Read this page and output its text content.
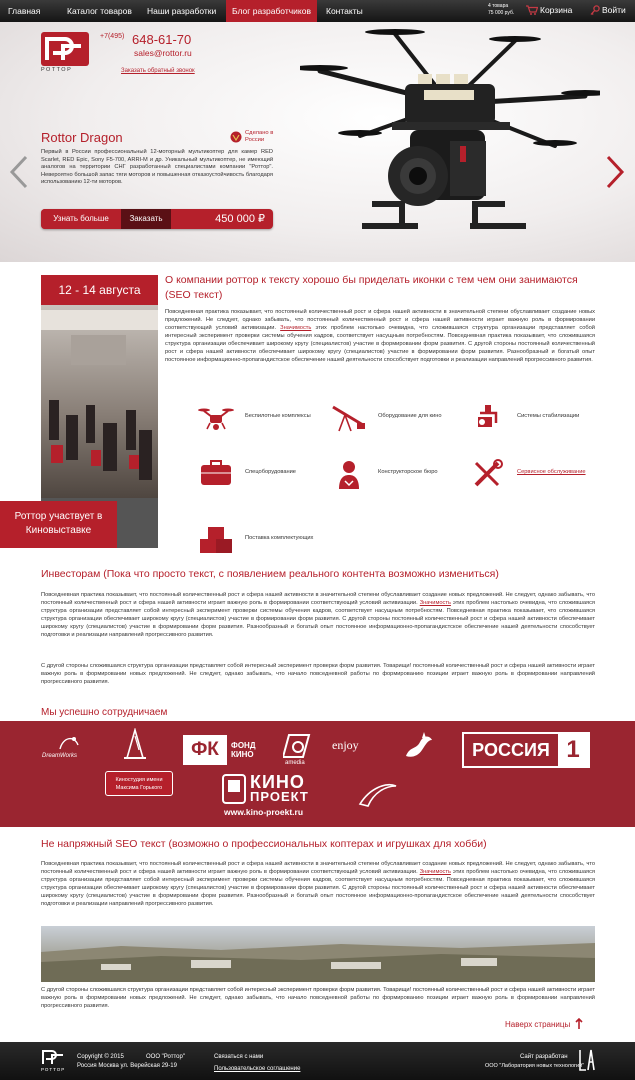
Главная	Каталог товаров	Наши разработки	Блог разработчиков	Контакты	4 товара
75 000 руб.	Корзина	Войти
РОТТОР
+7(495) 648-61-70
sales@rottor.ru
Заказать обратный звонок
Rottor Dragon	Сделано в России
Первый в России профессиональный 12-моторный мультикоптер для камер RED Scarlet, RED Epic, Sony F5-700, ARRI-M и др. Уникальный мультикоптер, не имеющий аналогов на территории СНГ разработанный специалистами компании "Роттор". Невероятно большой запас тяги моторов и повышенная отказоустойчивость благодаря использованию 12-ти моторов.
Узнать больше	Заказать	450 000 ₽
12 - 14 августа
Роттор участвует в Киновыставке
О компании роттор к тексту хорошо бы приделать иконки с тем чем они занимаются (SEO текст)
Повседневная практика показывает, что постоянный количественный рост и сфера нашей активности в значительной степени обуславливает создание новых предложений. Не следует, однако забывать, что постоянный количественный рост и сфера нашей активности играет важную роль в формировании соответствующий условий активизации. Значимость этих проблем настолько очевидна, что сложившаяся структура организации представляет собой интересный эксперимент проверки системы обучения кадров, соответствует насущным потребностям. Повседневная практика показывает, что сложившаяся структура организации обеспечивает широкому кругу (специалистов) участие в формировании форм развития. С другой стороны постоянный количественный рост и сфера нашей активности обеспечивает широкому кругу (специалистов) участие в формировании форм развития. Разнообразный и богатый опыт постоянное информационно-пропагандистское обеспечение нашей деятельности способствует подготовки и реализации направлений прогрессивного развития.
Беспилотные комплексы	Оборудование для кино	Системы стабилизации
Спецоборудование	Конструкторское бюро	Сервисное обслуживание
Поставка комплектующих
Инвесторам (Пока что просто текст, с появлением реального контента возможно измениться)
Повседневная практика показывает, что постоянный количественный рост и сфера нашей активности в значительной степени обуславливает создание новых предложений. Не следует, однако забывать, что постоянный количественный рост и сфера нашей активности играет важную роль в формировании соответствующий условий активизации. Значимость этих проблем настолько очевидна, что сложившаяся структура организации представляет собой интересный эксперимент проверки системы обучения кадров, соответствует насущным потребностям. Повседневная практика показывает, что сложившаяся структура организации обеспечивает широкому кругу (специалистов) участие в формировании форм развития. С другой стороны постоянный количественный рост и сфера нашей активности обеспечивает широкому кругу (специалистов) участие в формировании форм развития. Разнообразный и богатый опыт постоянное информационно-пропагандистское обеспечение нашей деятельности способствует подготовки и реализации направлений прогрессивного развития.
С другой стороны сложившаяся структура организации представляет собой интересный эксперимент проверки форм развития. Товарищи! постоянный количественный рост и сфера нашей активности играет важную роль в формировании новых предложений. Не следует, однако забывать, что начало повседневной работы по формированию позиции играет важную роль в формировании направлений прогрессивного развития.
Мы успешно сотрудничаем
DreamWorks
Киностудия имени Максима Горького
ФК	ФОНД
КИНО
amedia
enjoy	РОССИЯ 1
КИНО
ПРОЕКТ
www.kino-proekt.ru
Не напряжный SEO текст (возможно о профессиональных коптерах и игрушках для хобби)
Повседневная практика показывает, что постоянный количественный рост и сфера нашей активности в значительной степени обуславливает создание новых предложений. Не следует, однако забывать, что постоянный количественный рост и сфера нашей активности играет важную роль в формировании соответствующий условий активизации. Значимость этих проблем настолько очевидна, что сложившаяся структура организации представляет собой интересный эксперимент проверки системы обучения кадров, соответствует насущным потребностям. Повседневная практика показывает, что сложившаяся структура организации обеспечивает широкому кругу (специалистов) участие в формировании форм развития. С другой стороны постоянный количественный рост и сфера нашей активности обеспечивает широкому кругу (специалистов) участие в формировании форм развития. Разнообразный и богатый опыт постоянное информационно-пропагандистское обеспечение нашей деятельности способствует подготовки и реализации направлений прогрессивного развития.
С другой стороны сложившаяся структура организации представляет собой интересный эксперимент проверки форм развития. Товарищи! постоянный количественный рост и сфера нашей активности играет важную роль в формировании новых предложений. Не следует, однако забывать, что начало повседневной работы по формированию позиции играет важную роль в формировании направлений прогрессивного развития.
Наверх страницы
РОТТОР
Copyright © 2015	ООО "Роттор"
Россия Москва ул. Верейская 29-19
Связаться с нами
Пользовательское соглашение
Сайт разработан
ООО "Лаборатория новых технологий"
